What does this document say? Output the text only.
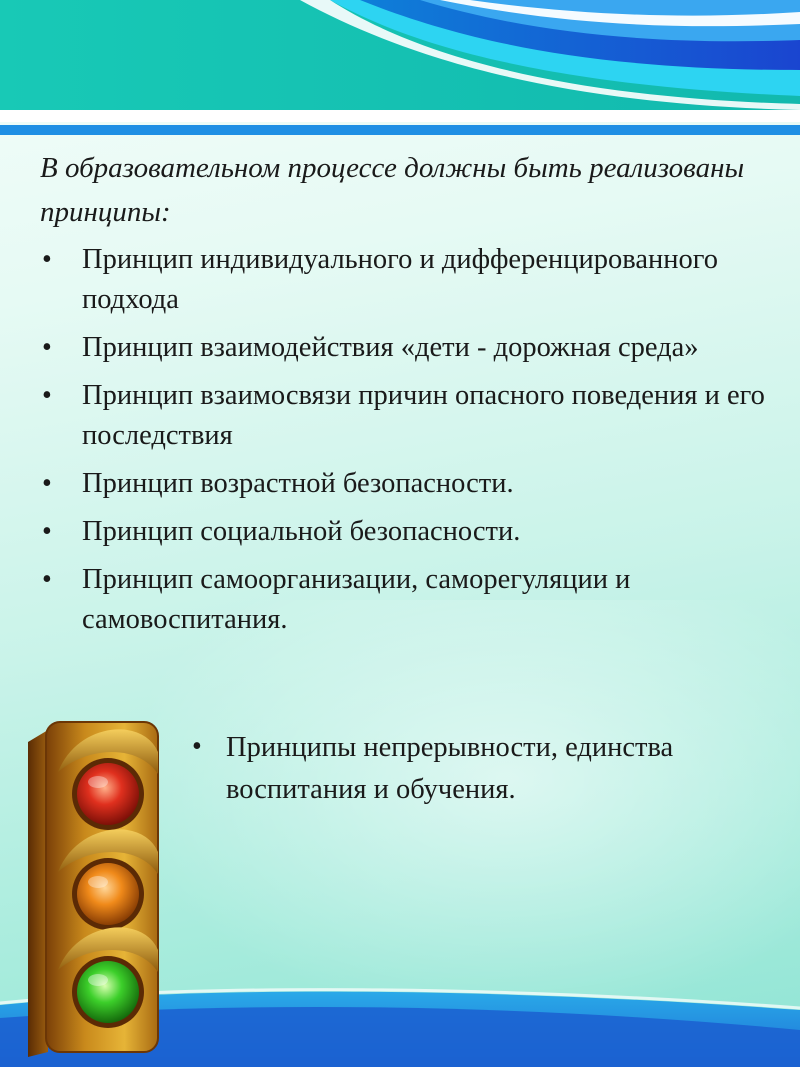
В образовательном процессе должны быть реализованы принципы:

• Принцип индивидуального и дифференцированного подхода
• Принцип взаимодействия «дети - дорожная среда»
• Принцип взаимосвязи причин опасного поведения и его последствия
• Принцип возрастной безопасности.
• Принцип социальной безопасности.
• Принцип самоорганизации, саморегуляции и самовоспитания.
• Принципы непрерывности, единства воспитания и обучения.
